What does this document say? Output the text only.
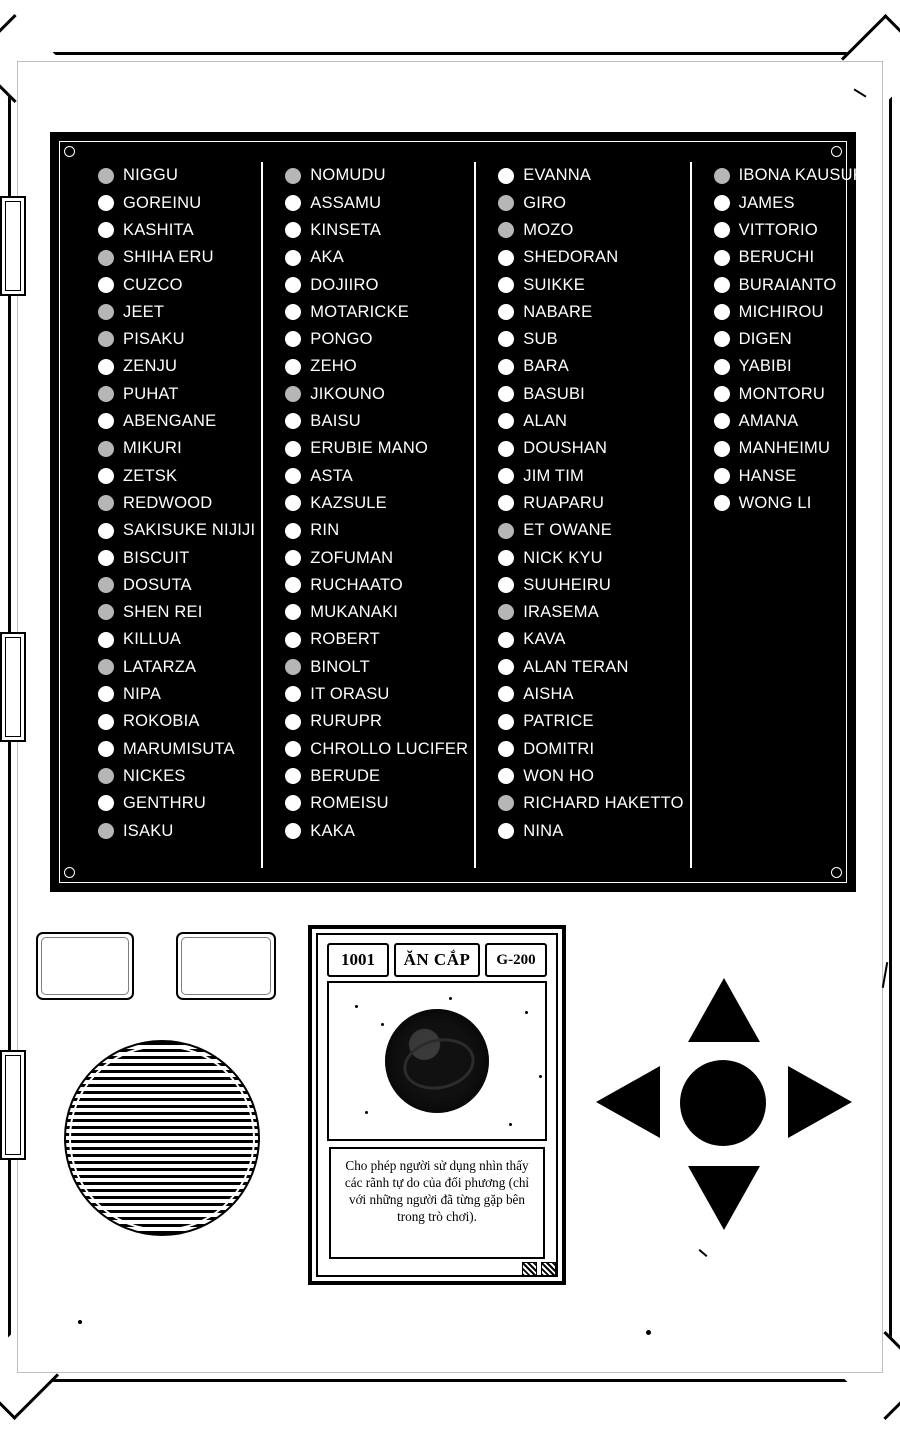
NIGGU
GOREINU
KASHITA
SHIHA ERU
CUZCO
JEET
PISAKU
ZENJU
PUHAT
ABENGANE
MIKURI
ZETSK
REDWOOD
SAKISUKE NIJIJI
BISCUIT
DOSUTA
SHEN REI
KILLUA
LATARZA
NIPA
ROKOBIA
MARUMISUTA
NICKES
GENTHRU
ISAKU
NOMUDU
ASSAMU
KINSETA
AKA
DOJIIRO
MOTARICKE
PONGO
ZEHO
JIKOUNO
BAISU
ERUBIE MANO
ASTA
KAZSULE
RIN
ZOFUMAN
RUCHAATO
MUKANAKI
ROBERT
BINOLT
IT ORASU
RURUPR
CHROLLO LUCIFER
BERUDE
ROMEISU
KAKA
EVANNA
GIRO
MOZO
SHEDORAN
SUIKKE
NABARE
SUB
BARA
BASUBI
ALAN
DOUSHAN
JIM TIM
RUAPARU
ET OWANE
NICK KYU
SUUHEIRU
IRASEMA
KAVA
ALAN TERAN
AISHA
PATRICE
DOMITRI
WON HO
RICHARD HAKETTO
NINA
IBONA KAUSUKI
JAMES
VITTORIO
BERUCHI
BURAIANTO
MICHIROU
DIGEN
YABIBI
MONTORU
AMANA
MANHEIMU
HANSE
WONG LI
1001	ĂN CẮP	G-200
Cho phép người sử dụng nhìn thấy các rãnh tự do của đối phương (chỉ với những người đã từng gặp bên trong trò chơi).
